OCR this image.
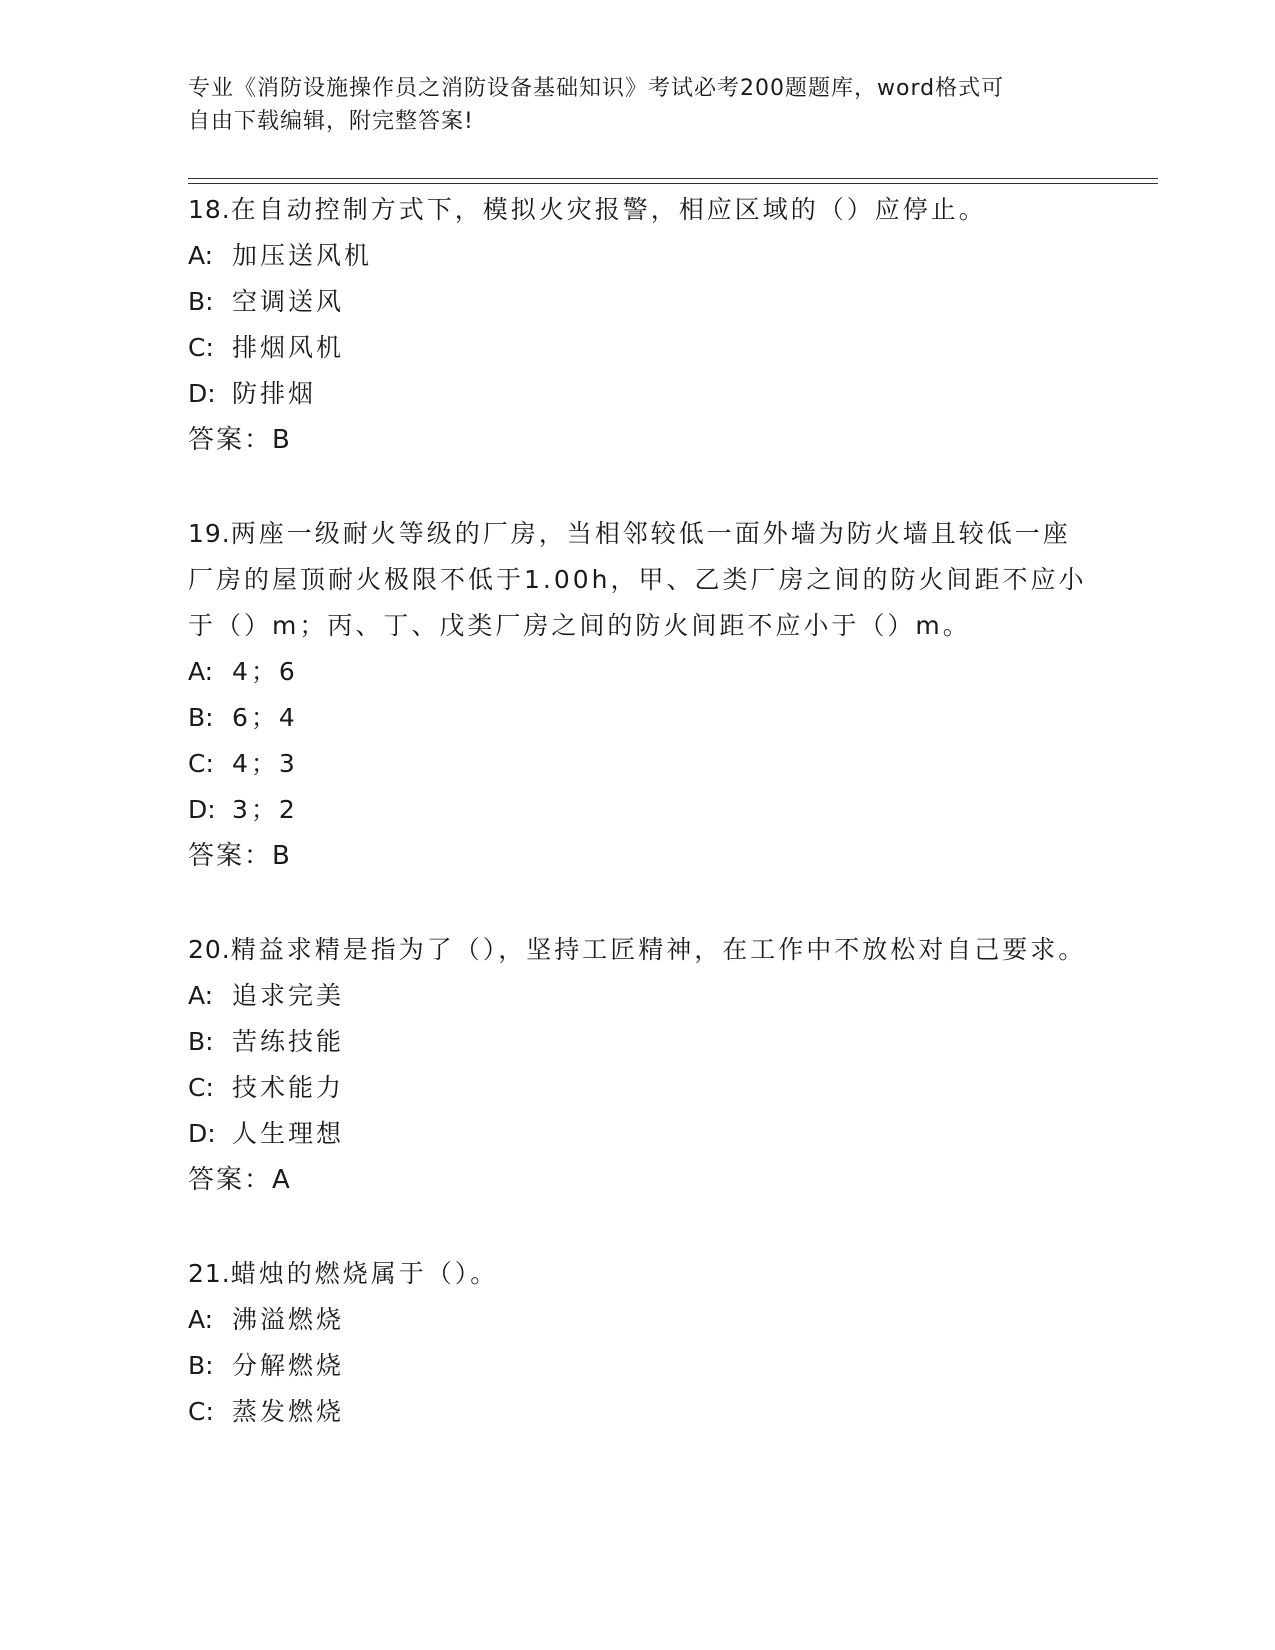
专业《消防设施操作员之消防设备基础知识》考试必考200题题库，word格式可
自由下载编辑，附完整答案!
18.在自动控制方式下，模拟火灾报警，相应区域的（）应停止。
A: 加压送风机
B: 空调送风
C: 排烟风机
D: 防排烟
答案：B
19.两座一级耐火等级的厂房，当相邻较低一面外墙为防火墙且较低一座厂房的屋顶耐火极限不低于1.00h，甲、乙类厂房之间的防火间距不应小于（）m；丙、丁、戊类厂房之间的防火间距不应小于（）m。
A: 4；6
B: 6；4
C: 4；3
D: 3；2
答案：B
20.精益求精是指为了（），坚持工匠精神，在工作中不放松对自己要求。
A: 追求完美
B: 苦练技能
C: 技术能力
D: 人生理想
答案：A
21.蜡烛的燃烧属于（）。
A: 沸溢燃烧
B: 分解燃烧
C: 蒸发燃烧
